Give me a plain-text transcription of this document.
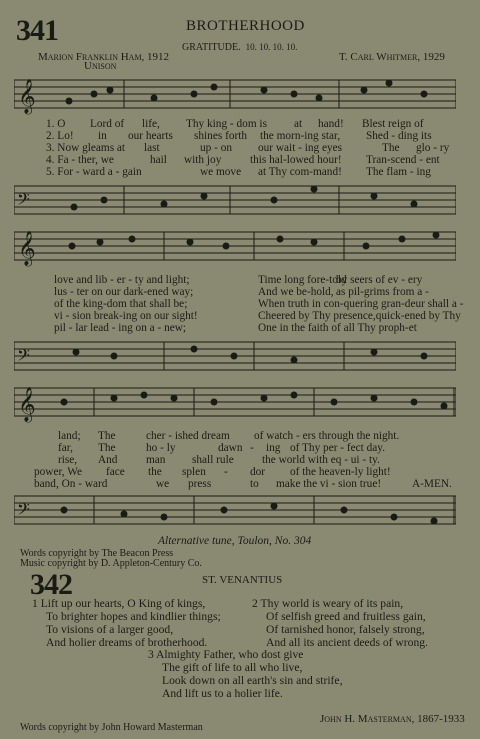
341	BROTHERHOOD
GRATITUDE. 10. 10. 10. 10.
Marion Franklin Ham, 1912	T. Carl Whitmer, 1929
Unison
𝄞
1. O Lord of life, Thy king - dom is at hand! Blest reign of
2. Lo! in our hearts shines forth the morn-ing star, Shed - ding its
3. Now gleams at last	up - on our wait - ing eyes	The glo - ry
4. Fa - ther, we	hail with joy	this hal-lowed hour! Tran-scend - ent
5. For - ward a - gain	we move at Thy com-mand! The flam - ing
𝄢
𝄞
love and lib - er - ty and light;	Time long fore-told
by seers of ev - ery
lus - ter on our dark-ened way;	And we be-hold, as pil-grims from a -
of the king-dom that shall be;	When truth in con-quering gran-deur shall a -
vi - sion break-ing on our sight!	Cheered by Thy presence,quick-ened by Thy
pil - lar lead - ing on a - new;	One in the faith of all Thy proph-et
𝄢
𝄞
land; The	cher - ished dream of watch - ers through the night.
far, The	ho - ly	dawn - ing of Thy per - fect day.
rise, And	man shall rule	the world with eq - ui - ty.
power, We face the splen - dor of the heaven-ly light!
band, On - ward	we press	to make the vi - sion true!	A-MEN.
𝄢
Alternative tune, Toulon, No. 304
Words copyright by The Beacon Press
Music copyright by D. Appleton-Century Co.
342	ST. VENANTIUS
1 Lift up our hearts, O King of kings,
To brighter hopes and kindlier things;
To visions of a larger good,
And holier dreams of brotherhood.
2 Thy world is weary of its pain,
Of selfish greed and fruitless gain,
Of tarnished honor, falsely strong,
And all its ancient deeds of wrong.
3 Almighty Father, who dost give
The gift of life to all who live,
Look down on all earth's sin and strife,
And lift us to a holier life.
John H. Masterman, 1867-1933
Words copyright by John Howard Masterman
